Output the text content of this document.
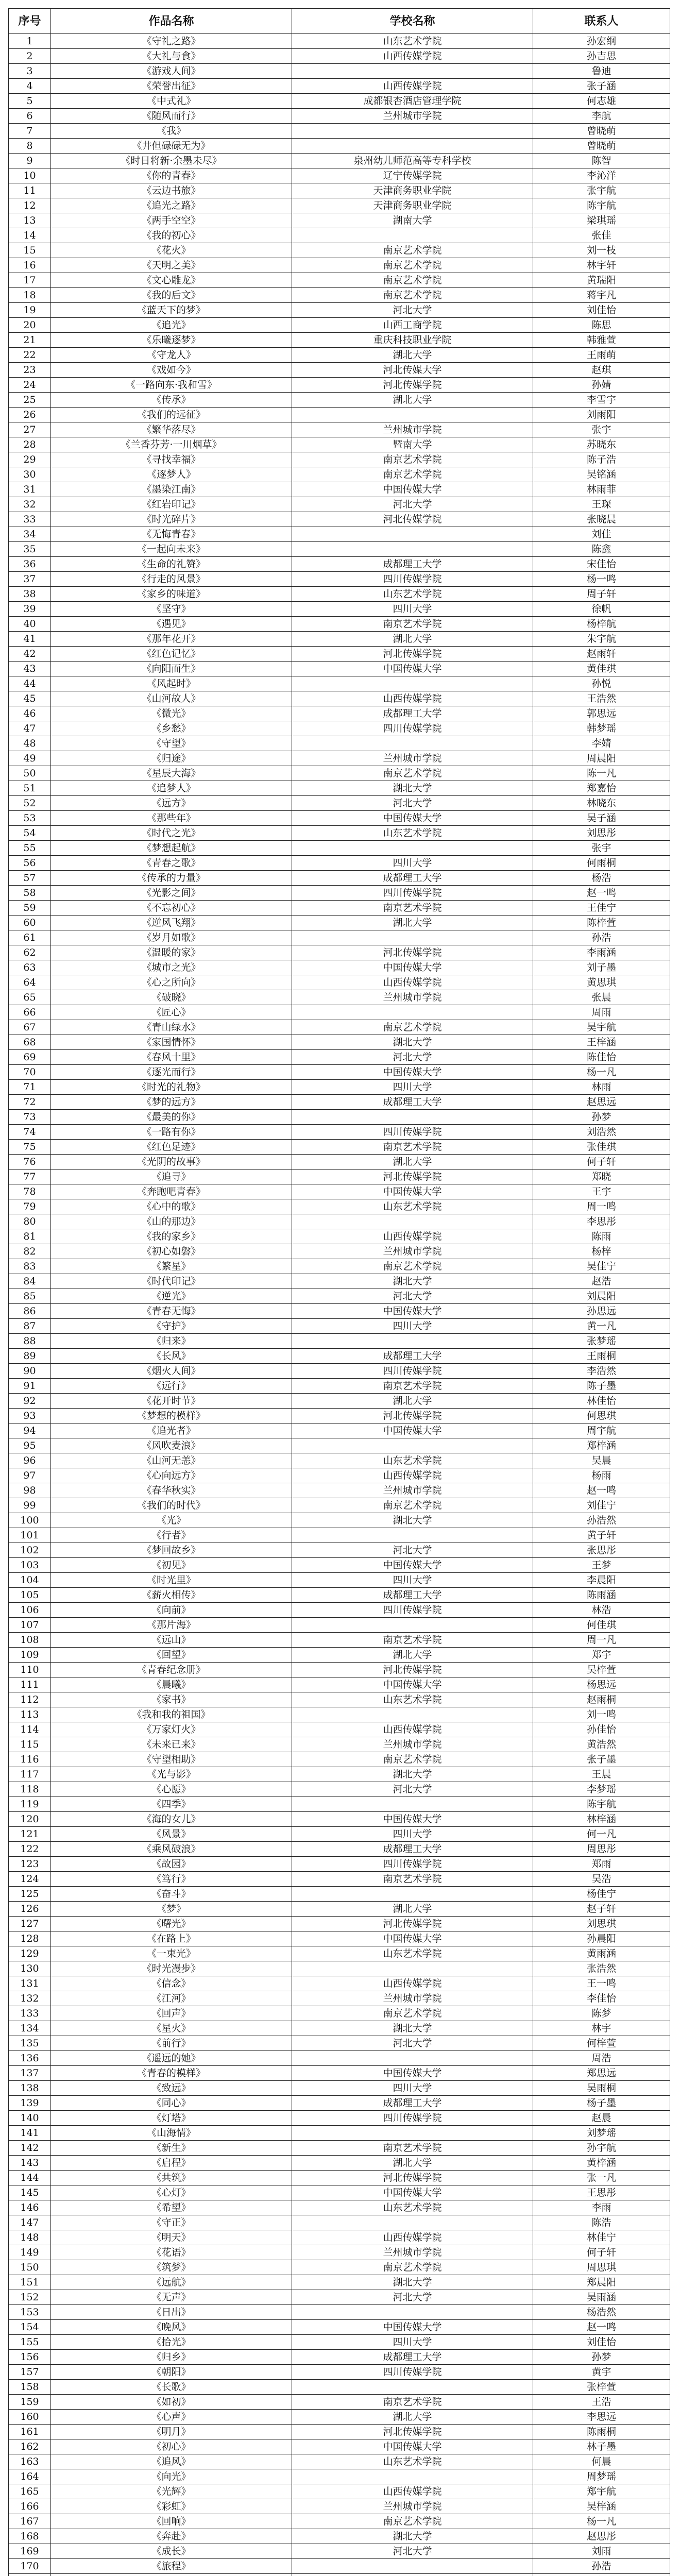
序号	作品名称	学校名称	联系人
1	《守礼之路》	山东艺术学院	孙宏纲
2	《大礼与食》	山西传媒学院	孙吉思
3	《游戏人间》		鲁迪
4	《荣誉出征》	山西传媒学院	张子涵
5	《中式礼》	成都银杏酒店管理学院	何志雄
6	《随风而行》	兰州城市学院	李航
7	《我》		曾晓萌
8	《井但碌碌无为》		曾晓萌
9	《时日将新·余墨未尽》	泉州幼儿师范高等专科学校	陈智
10	《你的青春》	辽宁传媒学院	李沁洋
11	《云边书旅》	天津商务职业学院	张宇航
12	《追光之路》	天津商务职业学院	陈宇航
13	《两手空空》	湖南大学	梁琪瑶
14	《我的初心》		张佳
15	《花火》	南京艺术学院	刘一枝
16	《天明之美》	南京艺术学院	林宇轩
17	《文心雕龙》	南京艺术学院	黄瑞阳
18	《我的后文》	南京艺术学院	蒋宇凡
19	《蓝天下的梦》	河北大学	刘佳怡
20	《追光》	山西工商学院	陈思
21	《乐曦逐梦》	重庆科技职业学院	韩雅萱
22	《守龙人》	湖北大学	王雨萌
23	《戏如今》	河北传媒大学	赵琪
24	《一路向东·我和雪》	河北传媒学院	孙婧
25	《传承》	湖北大学	李雪宇
26	《我们的远征》		刘雨阳
27	《繁华落尽》	兰州城市学院	张宇
28	《兰香芬芳·一川烟草》	暨南大学	苏晓东
29	《寻找幸福》	南京艺术学院	陈子浩
30	《逐梦人》	南京艺术学院	吴铭涵
31	《墨染江南》	中国传媒大学	林雨菲
32	《红岩印记》	河北大学	王琛
33	《时光碎片》	河北传媒学院	张晓晨
34	《无悔青春》		刘佳
35	《一起向未来》		陈鑫
36	《生命的礼赞》	成都理工大学	宋佳怡
37	《行走的风景》	四川传媒学院	杨一鸣
38	《家乡的味道》	山东艺术学院	周子轩
39	《坚守》	四川大学	徐帆
40	《遇见》	南京艺术学院	杨梓航
41	《那年花开》	湖北大学	朱宇航
42	《红色记忆》	河北传媒学院	赵雨轩
43	《向阳而生》	中国传媒大学	黄佳琪
44	《风起时》		孙悦
45	《山河故人》	山西传媒学院	王浩然
46	《微光》	成都理工大学	郭思远
47	《乡愁》	四川传媒学院	韩梦瑶
48	《守望》		李婧
49	《归途》	兰州城市学院	周晨阳
50	《星辰大海》	南京艺术学院	陈一凡
51	《追梦人》	湖北大学	郑嘉怡
52	《远方》	河北大学	林晓东
53	《那些年》	中国传媒大学	吴子涵
54	《时代之光》	山东艺术学院	刘思彤
55	《梦想起航》		张宇
56	《青春之歌》	四川大学	何雨桐
57	《传承的力量》	成都理工大学	杨浩
58	《光影之间》	四川传媒学院	赵一鸣
59	《不忘初心》	南京艺术学院	王佳宁
60	《逆风飞翔》	湖北大学	陈梓萱
61	《岁月如歌》		孙浩
62	《温暖的家》	河北传媒学院	李雨涵
63	《城市之光》	中国传媒大学	刘子墨
64	《心之所向》	山西传媒学院	黄思琪
65	《破晓》	兰州城市学院	张晨
66	《匠心》		周雨
67	《青山绿水》	南京艺术学院	吴宇航
68	《家国情怀》	湖北大学	王梓涵
69	《春风十里》	河北大学	陈佳怡
70	《逐光而行》	中国传媒大学	杨一凡
71	《时光的礼物》	四川大学	林雨
72	《梦的远方》	成都理工大学	赵思远
73	《最美的你》		孙梦
74	《一路有你》	四川传媒学院	刘浩然
75	《红色足迹》	南京艺术学院	张佳琪
76	《光阴的故事》	湖北大学	何子轩
77	《追寻》	河北传媒学院	郑晓
78	《奔跑吧青春》	中国传媒大学	王宇
79	《心中的歌》	山东艺术学院	周一鸣
80	《山的那边》		李思彤
81	《我的家乡》	山西传媒学院	陈雨
82	《初心如磐》	兰州城市学院	杨梓
83	《繁星》	南京艺术学院	吴佳宁
84	《时代印记》	湖北大学	赵浩
85	《逆光》	河北大学	刘晨阳
86	《青春无悔》	中国传媒大学	孙思远
87	《守护》	四川大学	黄一凡
88	《归来》		张梦瑶
89	《长风》	成都理工大学	王雨桐
90	《烟火人间》	四川传媒学院	李浩然
91	《远行》	南京艺术学院	陈子墨
92	《花开时节》	湖北大学	林佳怡
93	《梦想的模样》	河北传媒学院	何思琪
94	《追光者》	中国传媒大学	周宇航
95	《风吹麦浪》		郑梓涵
96	《山河无恙》	山东艺术学院	吴晨
97	《心向远方》	山西传媒学院	杨雨
98	《春华秋实》	兰州城市学院	赵一鸣
99	《我们的时代》	南京艺术学院	刘佳宁
100	《光》	湖北大学	孙浩然
101	《行者》		黄子轩
102	《梦回故乡》	河北大学	张思彤
103	《初见》	中国传媒大学	王梦
104	《时光里》	四川大学	李晨阳
105	《薪火相传》	成都理工大学	陈雨涵
106	《向前》	四川传媒学院	林浩
107	《那片海》		何佳琪
108	《远山》	南京艺术学院	周一凡
109	《回望》	湖北大学	郑宇
110	《青春纪念册》	河北传媒学院	吴梓萱
111	《晨曦》	中国传媒大学	杨思远
112	《家书》	山东艺术学院	赵雨桐
113	《我和我的祖国》		刘一鸣
114	《万家灯火》	山西传媒学院	孙佳怡
115	《未来已来》	兰州城市学院	黄浩然
116	《守望相助》	南京艺术学院	张子墨
117	《光与影》	湖北大学	王晨
118	《心愿》	河北大学	李梦瑶
119	《四季》		陈宇航
120	《海的女儿》	中国传媒大学	林梓涵
121	《风景》	四川大学	何一凡
122	《乘风破浪》	成都理工大学	周思彤
123	《故园》	四川传媒学院	郑雨
124	《笃行》	南京艺术学院	吴浩
125	《奋斗》		杨佳宁
126	《梦》	湖北大学	赵子轩
127	《曙光》	河北传媒学院	刘思琪
128	《在路上》	中国传媒大学	孙晨阳
129	《一束光》	山东艺术学院	黄雨涵
130	《时光漫步》		张浩然
131	《信念》	山西传媒学院	王一鸣
132	《江河》	兰州城市学院	李佳怡
133	《回声》	南京艺术学院	陈梦
134	《星火》	湖北大学	林宇
135	《前行》	河北大学	何梓萱
136	《遥远的她》		周浩
137	《青春的模样》	中国传媒大学	郑思远
138	《致远》	四川大学	吴雨桐
139	《同心》	成都理工大学	杨子墨
140	《灯塔》	四川传媒学院	赵晨
141	《山海情》		刘梦瑶
142	《新生》	南京艺术学院	孙宇航
143	《启程》	湖北大学	黄梓涵
144	《共筑》	河北传媒学院	张一凡
145	《心灯》	中国传媒大学	王思彤
146	《希望》	山东艺术学院	李雨
147	《守正》		陈浩
148	《明天》	山西传媒学院	林佳宁
149	《花语》	兰州城市学院	何子轩
150	《筑梦》	南京艺术学院	周思琪
151	《远航》	湖北大学	郑晨阳
152	《无声》	河北大学	吴雨涵
153	《日出》		杨浩然
154	《晚风》	中国传媒大学	赵一鸣
155	《拾光》	四川大学	刘佳怡
156	《归乡》	成都理工大学	孙梦
157	《朝阳》	四川传媒学院	黄宇
158	《长歌》		张梓萱
159	《如初》	南京艺术学院	王浩
160	《心声》	湖北大学	李思远
161	《明月》	河北传媒学院	陈雨桐
162	《初心》	中国传媒大学	林子墨
163	《追风》	山东艺术学院	何晨
164	《向光》		周梦瑶
165	《光辉》	山西传媒学院	郑宇航
166	《彩虹》	兰州城市学院	吴梓涵
167	《回响》	南京艺术学院	杨一凡
168	《奔赴》	湖北大学	赵思彤
169	《成长》	河北大学	刘雨
170	《旅程》		孙浩
